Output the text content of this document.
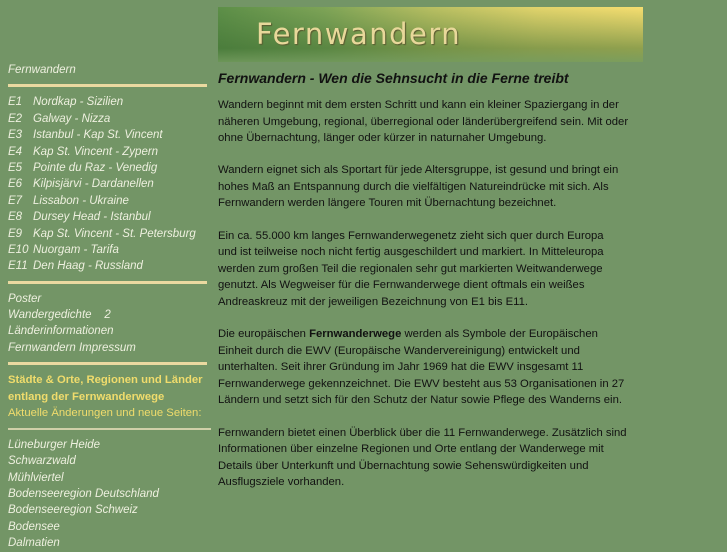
Fernwandern
Fernwandern
E1 Nordkap - Sizilien
E2 Galway - Nizza
E3 Istanbul - Kap St. Vincent
E4 Kap St. Vincent - Zypern
E5 Pointe du Raz - Venedig
E6 Kilpisjärvi - Dardanellen
E7 Lissabon - Ukraine
E8 Dursey Head - Istanbul
E9 Kap St. Vincent - St. Petersburg
E10 Nuorgam - Tarifa
E11 Den Haag - Russland
Poster
Wandergedichte    2
Länderinformationen
Fernwandern Impressum
Städte & Orte, Regionen und Länder
entlang der Fernwanderwege
Aktuelle Änderungen und neue Seiten:
Lüneburger Heide
Schwarzwald
Mühlviertel
Bodenseeregion Deutschland
Bodenseeregion Schweiz
Bodensee
Dalmatien
Fernwandern - Wen die Sehnsucht in die Ferne treibt

Wandern beginnt mit dem ersten Schritt und kann ein kleiner Spaziergang in der
näheren Umgebung, regional, überregional oder länderübergreifend sein. Mit oder
ohne Übernachtung, länger oder kürzer in naturnaher Umgebung.

Wandern eignet sich als Sportart für jede Altersgruppe, ist gesund und bringt ein
hohes Maß an Entspannung durch die vielfältigen Natureindrücke mit sich. Als
Fernwandern werden längere Touren mit Übernachtung bezeichnet.

Ein ca. 55.000 km langes Fernwanderwegenetz zieht sich quer durch Europa
und ist teilweise noch nicht fertig ausgeschildert und markiert. In Mitteleuropa
werden zum großen Teil die regionalen sehr gut markierten Weitwanderwege
genutzt. Als Wegweiser für die Fernwanderwege dient oftmals ein weißes
Andreaskreuz mit der jeweiligen Bezeichnung von E1 bis E11.

Die europäischen Fernwanderwege werden als Symbole der Europäischen
Einheit durch die EWV (Europäische Wandervereinigung) entwickelt und
unterhalten. Seit ihrer Gründung im Jahr 1969 hat die EWV insgesamt 11
Fernwanderwege gekennzeichnet. Die EWV besteht aus 53 Organisationen in 27
Ländern und setzt sich für den Schutz der Natur sowie Pflege des Wanderns ein.

Fernwandern bietet einen Überblick über die 11 Fernwanderwege. Zusätzlich sind
Informationen über einzelne Regionen und Orte entlang der Wanderwege mit
Details über Unterkunft und Übernachtung sowie Sehenswürdigkeiten und
Ausflugsziele vorhanden.
